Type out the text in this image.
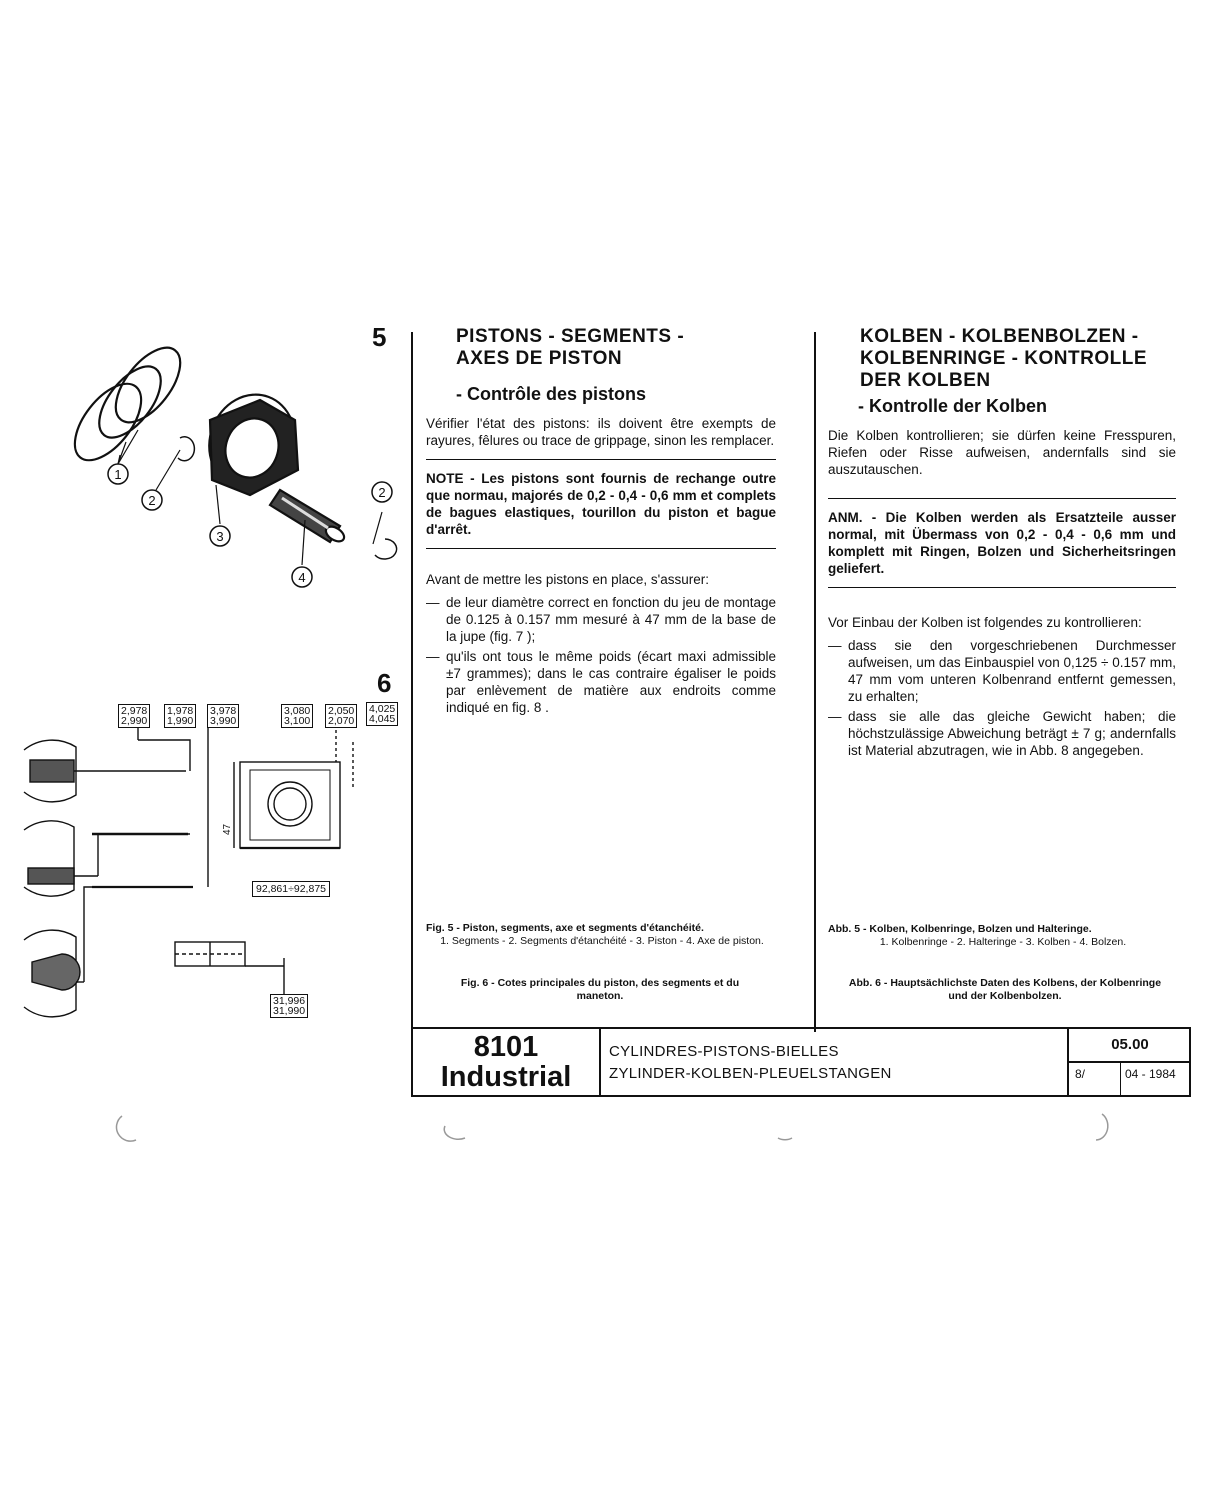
5
6
1
2
3
2
4
47
2,978
2,990
1,978
1,990
3,978
3,990
3,080
3,100
2,050
2,070
4,025
4,045
92,861÷92,875
31,996
31,990
PISTONS - SEGMENTS -
AXES DE PISTON
- Contrôle des pistons

Vérifier l'état des pistons: ils doivent être exempts de rayures, fêlures ou trace de grippage, sinon les remplacer.

NOTE - Les pistons sont fournis de rechange outre que normau, majorés de 0,2 - 0,4 - 0,6 mm et complets de bagues elastiques, tourillon du piston et bague d'arrêt.

Avant de mettre les pistons en place, s'assurer:

— de leur diamètre correct en fonction du jeu de montage de 0.125 à 0.157 mm mesuré à 47 mm de la base de la jupe (fig. 7 );
— qu'ils ont tous le même poids (écart maxi admissible ±7 grammes); dans le cas contraire égaliser le poids par enlèvement de matière aux endroits comme indiqué en fig. 8 .
Fig. 5 - Piston, segments, axe et segments d'étanchéité.
1. Segments - 2. Segments d'étanchéité - 3. Piston - 4. Axe de piston.
Fig. 6 - Cotes principales du piston, des segments et du maneton.
KOLBEN - KOLBENBOLZEN -
KOLBENRINGE - KONTROLLE
DER KOLBEN
- Kontrolle der Kolben

Die Kolben kontrollieren; sie dürfen keine Fresspuren, Riefen oder Risse aufweisen, andernfalls sind sie auszutauschen.

ANM. - Die Kolben werden als Ersatzteile ausser normal, mit Übermass von 0,2 - 0,4 - 0,6 mm und komplett mit Ringen, Bolzen und Sicherheitsringen geliefert.

Vor Einbau der Kolben ist folgendes zu kontrollieren:

— dass sie den vorgeschriebenen Durchmesser aufweisen, um das Einbauspiel von 0,125 ÷ 0.157 mm, 47 mm vom unteren Kolbenrand entfernt gemessen, zu erhalten;
— dass sie alle das gleiche Gewicht haben; die höchstzulässige Abweichung beträgt ± 7 g; andernfalls ist Material abzutragen, wie in Abb. 8 angegeben.
Abb. 5 - Kolben, Kolbenringe, Bolzen und Halteringe.
1. Kolbenringe - 2. Halteringe - 3. Kolben - 4. Bolzen.
Abb. 6 - Hauptsächlichste Daten des Kolbens, der Kolbenringe und der Kolbenbolzen.
8101
Industrial
CYLINDRES-PISTONS-BIELLES
ZYLINDER-KOLBEN-PLEUELSTANGEN
05.00
8/	04 - 1984
